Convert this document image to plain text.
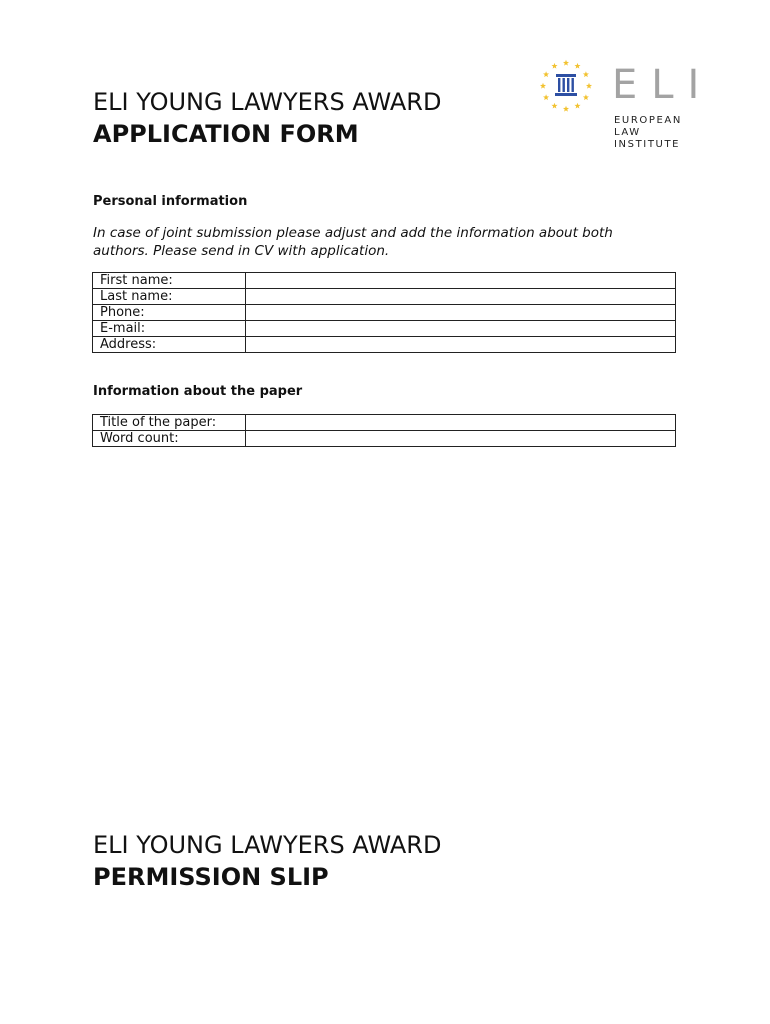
ELI YOUNG LAWYERS AWARD
APPLICATION FORM
ELI
EUROPEAN
LAW
INSTITUTE
Personal information
In case of joint submission please adjust and add the information about both
authors. Please send in CV with application.
First name:	
Last name:	
Phone:	
E-mail:	
Address:	
Information about the paper
Title of the paper:	
Word count:	
ELI YOUNG LAWYERS AWARD
PERMISSION SLIP
